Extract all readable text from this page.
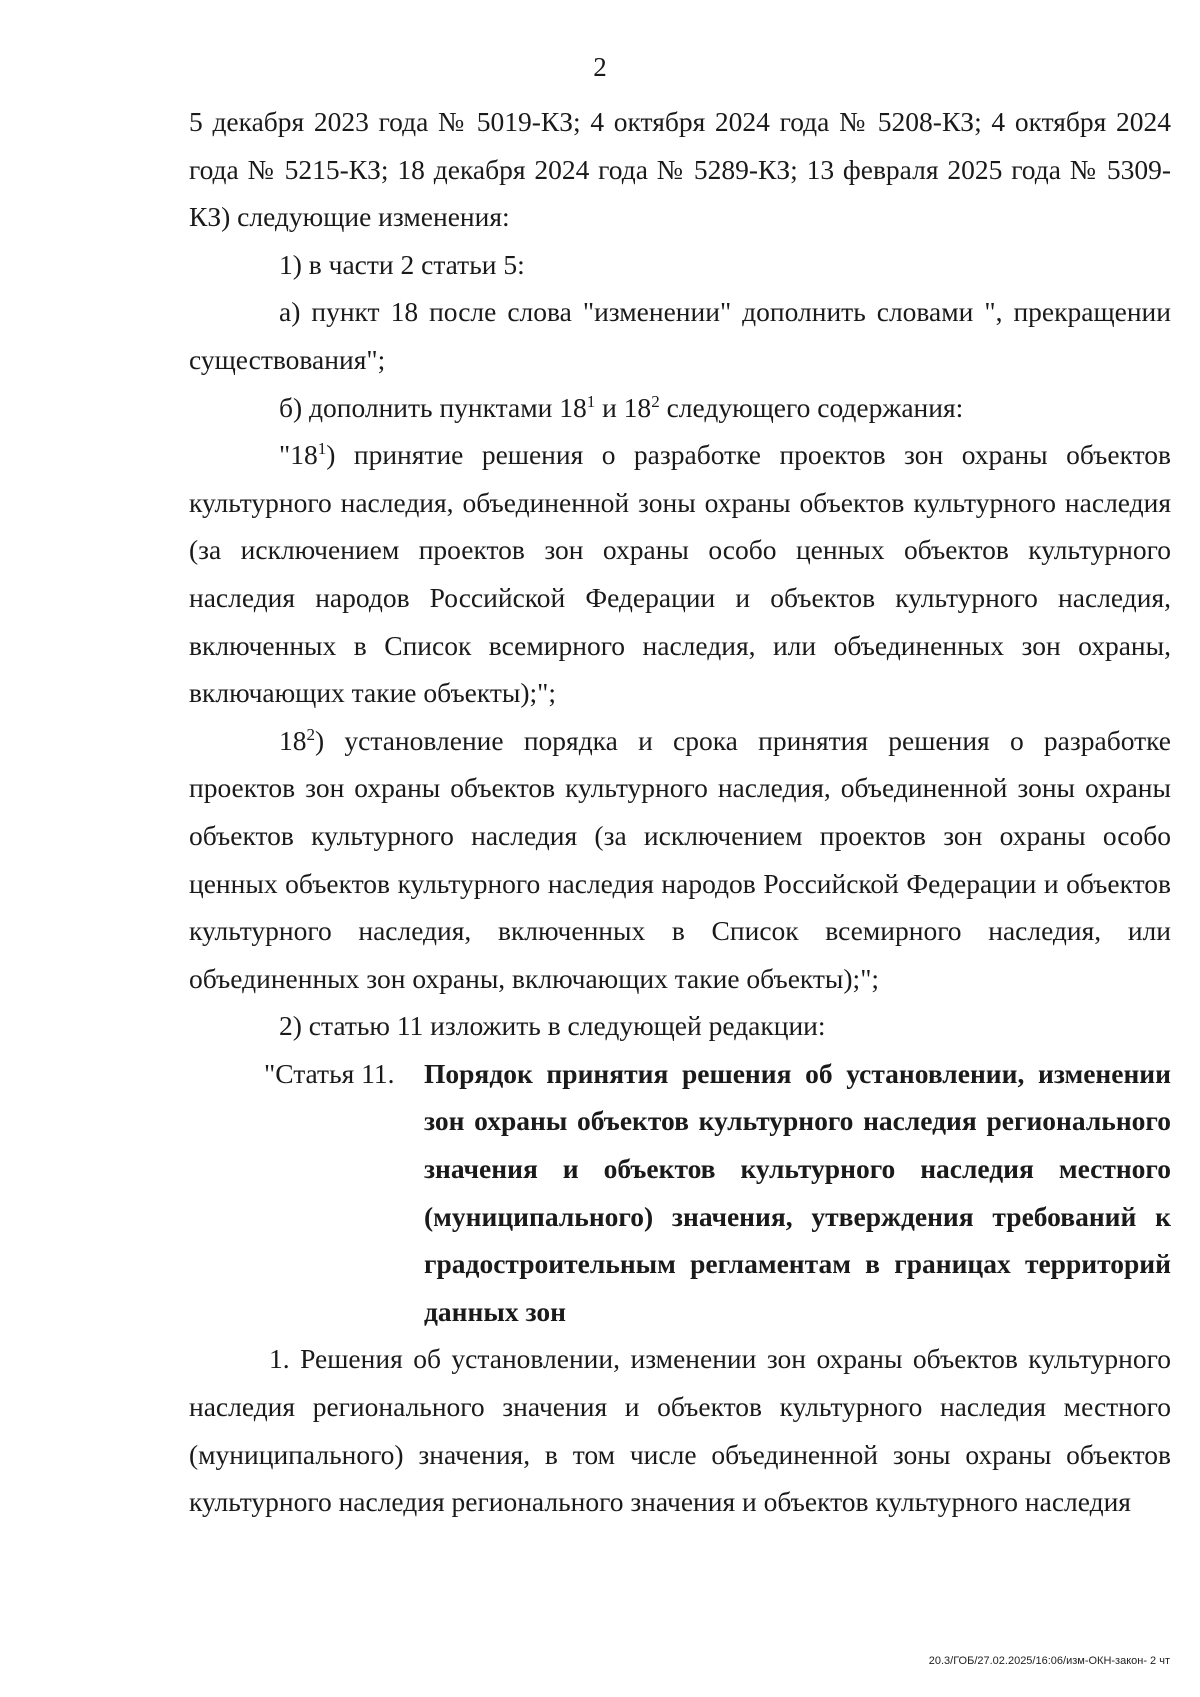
2

5 декабря 2023 года № 5019-КЗ; 4 октября 2024 года № 5208-КЗ; 4 октября 2024 года № 5215-КЗ; 18 декабря 2024 года № 5289-КЗ; 13 февраля 2025 года № 5309-КЗ) следующие изменения:

1) в части 2 статьи 5:

а) пункт 18 после слова "изменении" дополнить словами ", прекращении существования";

б) дополнить пунктами $18^1$ и $18^2$ следующего содержания:

"$18^1$) принятие решения о разработке проектов зон охраны объектов культурного наследия, объединенной зоны охраны объектов культурного наследия (за исключением проектов зон охраны особо ценных объектов культурного наследия народов Российской Федерации и объектов культурного наследия, включенных в Список всемирного наследия, или объединенных зон охраны, включающих такие объекты);";

$18^2$) установление порядка и срока принятия решения о разработке проектов зон охраны объектов культурного наследия, объединенной зоны охраны объектов культурного наследия (за исключением проектов зон охраны особо ценных объектов культурного наследия народов Российской Федерации и объектов культурного наследия, включенных в Список всемирного наследия, или объединенных зон охраны, включающих такие объекты);";

2) статью 11 изложить в следующей редакции:

"Статья 11.	Порядок принятия решения об установлении, изменении зон охраны объектов культурного наследия регионального значения и объектов культурного наследия местного (муниципального) значения, утверждения требований к градостроительным регламентам в границах территорий данных зон

1. Решения об установлении, изменении зон охраны объектов культурного наследия регионального значения и объектов культурного наследия местного (муниципального) значения, в том числе объединенной зоны охраны объектов культурного наследия регионального значения и объектов культурного наследия

20.3/ГОБ/27.02.2025/16:06/изм-ОКН-закон- 2 чт
